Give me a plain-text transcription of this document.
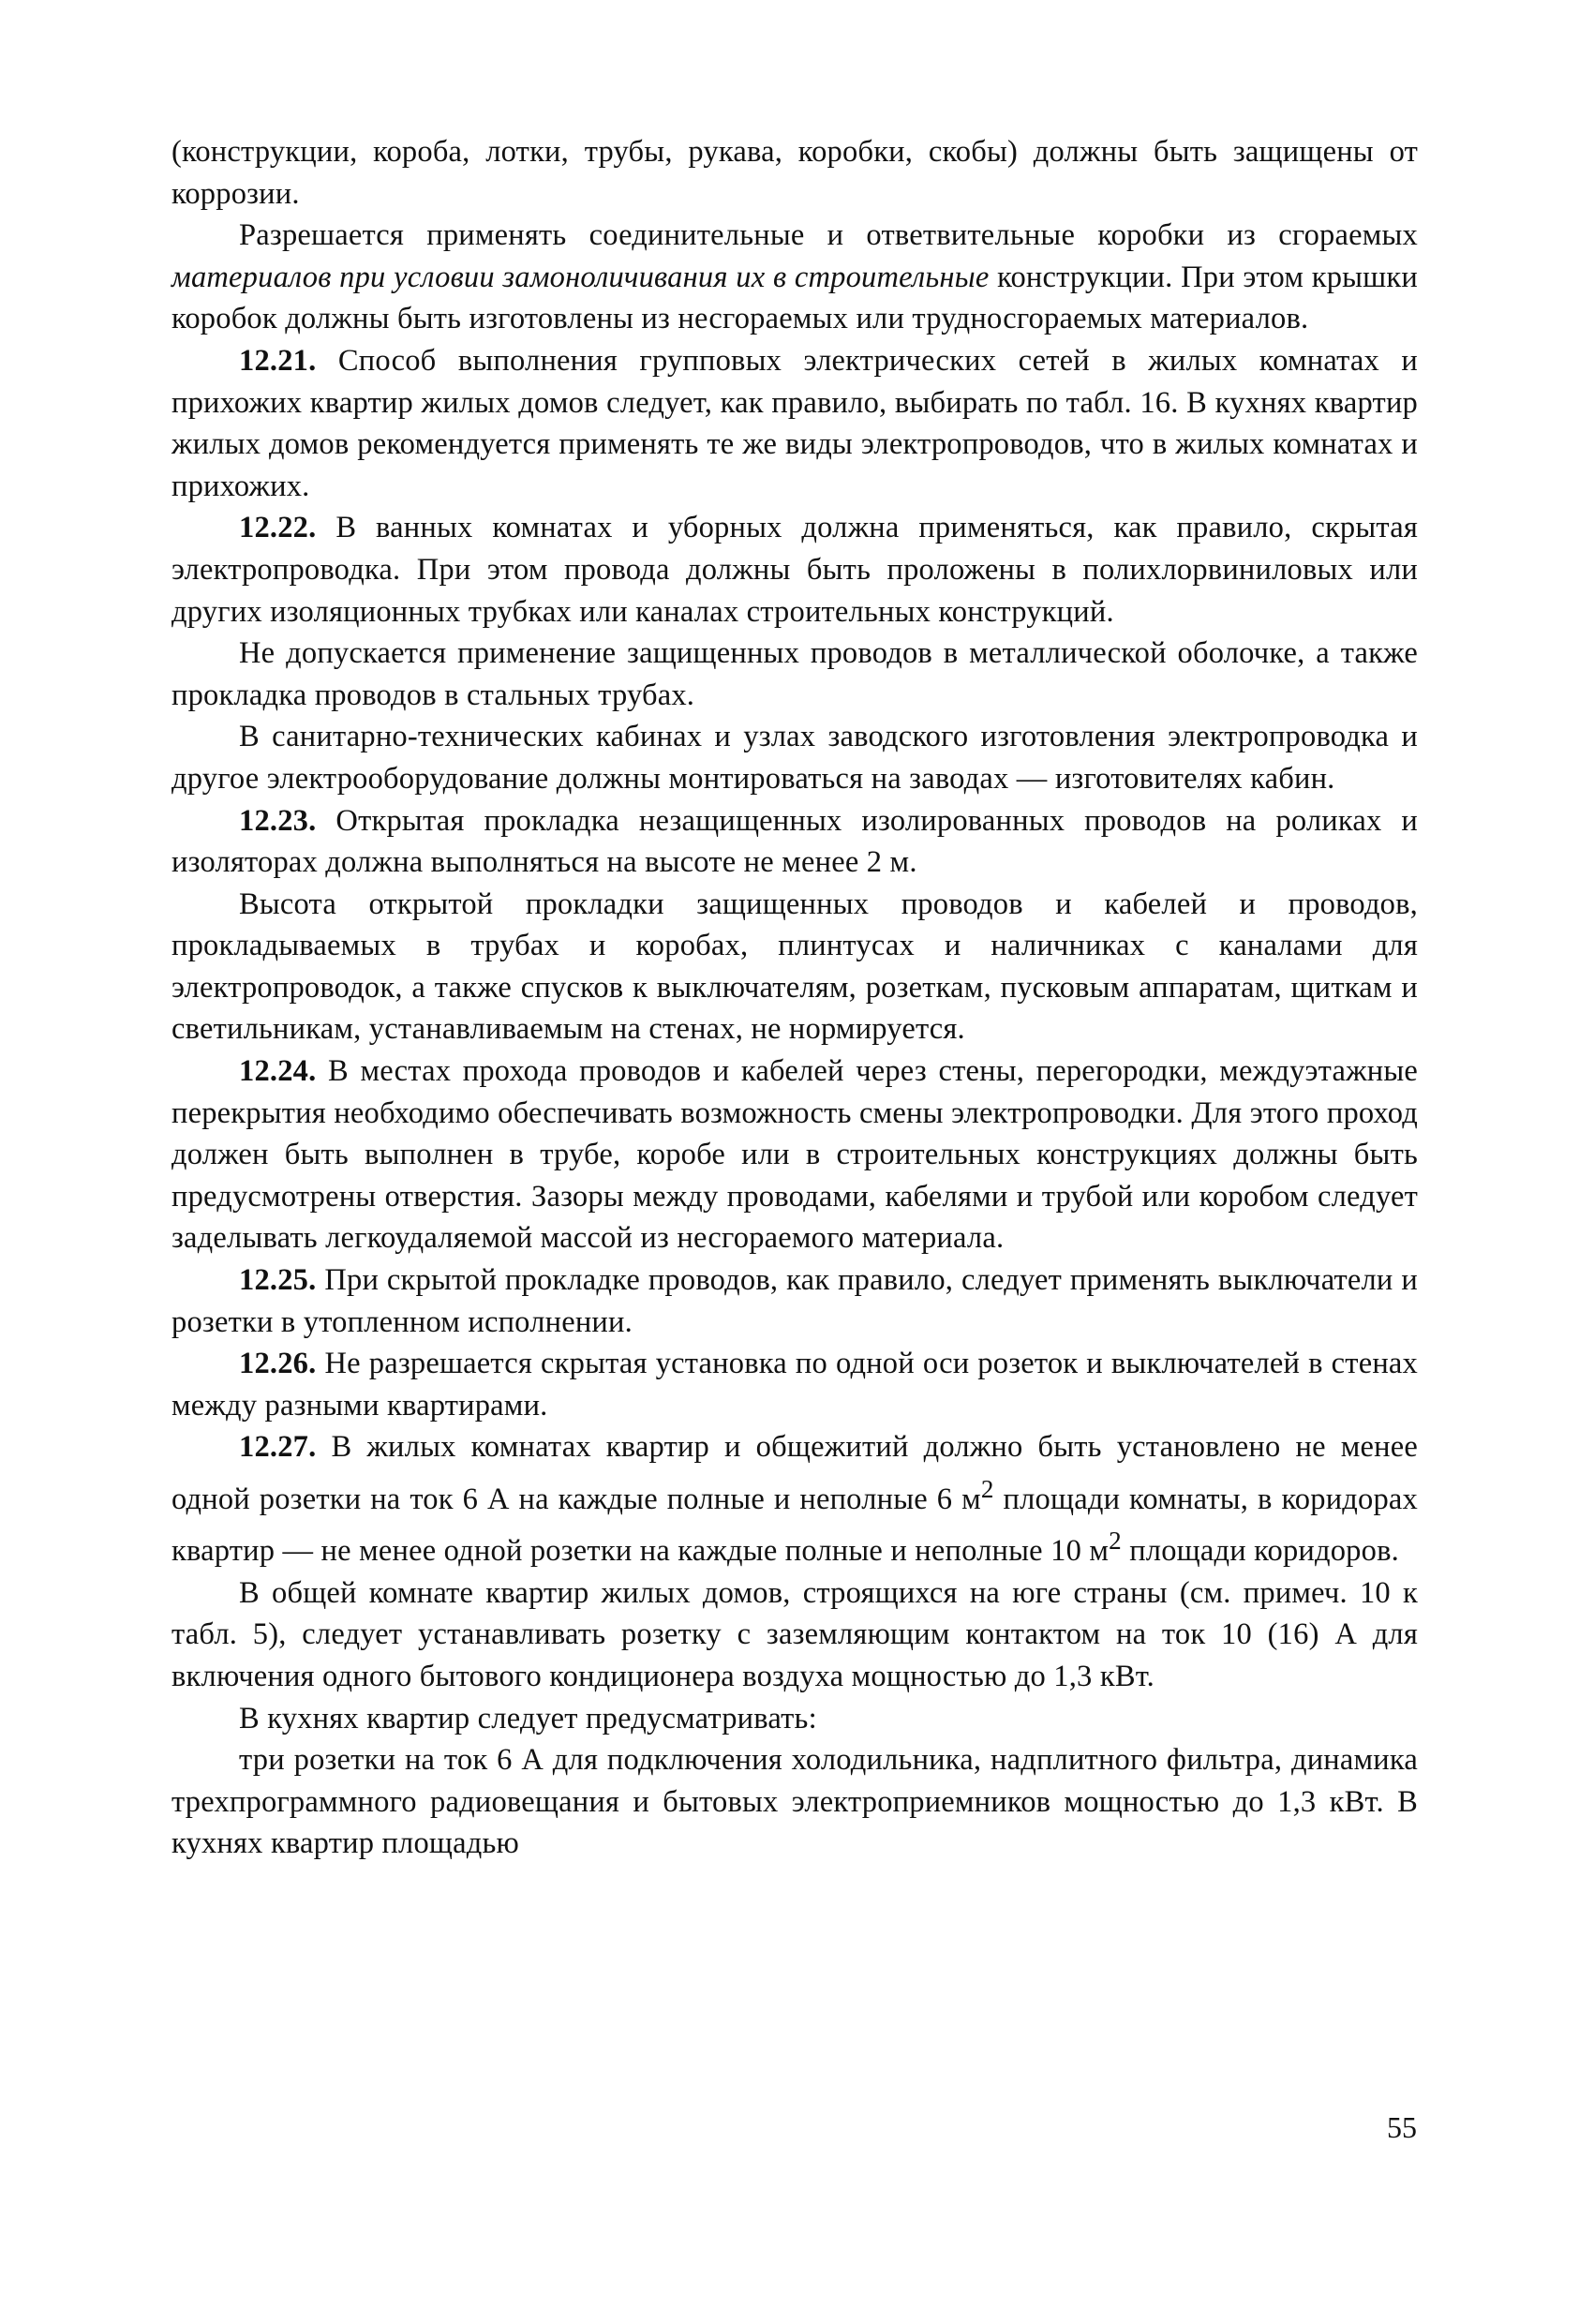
(конструкции, короба, лотки, трубы, рукава, коробки, скобы) должны быть защищены от коррозии.

Разрешается применять соединительные и ответвительные коробки из сгораемых материалов при условии замоноличивания их в строительные конструкции. При этом крышки коробок должны быть изготовлены из несгораемых или трудносгораемых материалов.

12.21. Способ выполнения групповых электрических сетей в жилых комнатах и прихожих квартир жилых домов следует, как правило, выбирать по табл. 16. В кухнях квартир жилых домов рекомендуется применять те же виды электропроводов, что в жилых комнатах и прихожих.

12.22. В ванных комнатах и уборных должна применяться, как правило, скрытая электропроводка. При этом провода должны быть проложены в полихлорвиниловых или других изоляционных трубках или каналах строительных конструкций.

Не допускается применение защищенных проводов в металлической оболочке, а также прокладка проводов в стальных трубах.

В санитарно-технических кабинах и узлах заводского изготовления электропроводка и другое электрооборудование должны монтироваться на заводах — изготовителях кабин.

12.23. Открытая прокладка незащищенных изолированных проводов на роликах и изоляторах должна выполняться на высоте не менее 2 м.

Высота открытой прокладки защищенных проводов и кабелей и проводов, прокладываемых в трубах и коробах, плинтусах и наличниках с каналами для электропроводок, а также спусков к выключателям, розеткам, пусковым аппаратам, щиткам и светильникам, устанавливаемым на стенах, не нормируется.

12.24. В местах прохода проводов и кабелей через стены, перегородки, междуэтажные перекрытия необходимо обеспечивать возможность смены электропроводки. Для этого проход должен быть выполнен в трубе, коробе или в строительных конструкциях должны быть предусмотрены отверстия. Зазоры между проводами, кабелями и трубой или коробом следует заделывать легкоудаляемой массой из несгораемого материала.

12.25. При скрытой прокладке проводов, как правило, следует применять выключатели и розетки в утопленном исполнении.

12.26. Не разрешается скрытая установка по одной оси розеток и выключателей в стенах между разными квартирами.

12.27. В жилых комнатах квартир и общежитий должно быть установлено не менее одной розетки на ток 6 А на каждые полные и неполные 6 $м^2$ площади комнаты, в коридорах квартир — не менее одной розетки на каждые полные и неполные 10 $м^2$ площади коридоров.

В общей комнате квартир жилых домов, строящихся на юге страны (см. примеч. 10 к табл. 5), следует устанавливать розетку с заземляющим контактом на ток 10 (16) А для включения одного бытового кондиционера воздуха мощностью до 1,3 кВт.

В кухнях квартир следует предусматривать:

три розетки на ток 6 А для подключения холодильника, надплитного фильтра, динамика трехпрограммного радиовещания и бытовых электроприемников мощностью до 1,3 кВт. В кухнях квартир площадью

55
